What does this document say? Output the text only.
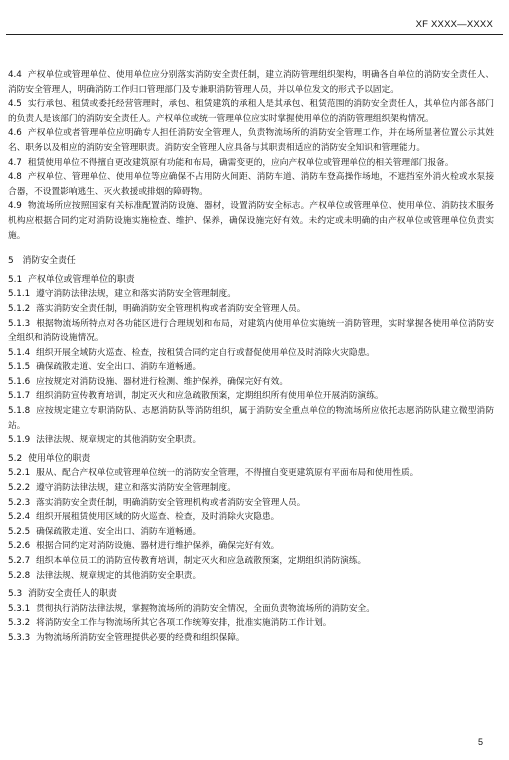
XF XXXX—XXXX

4.4 产权单位或管理单位、使用单位应分别落实消防安全责任制，建立消防管理组织架构，明确各自单位的消防安全责任人、消防安全管理人，明确消防工作归口管理部门及专兼职消防管理人员，并以单位发文的形式予以固定。

4.5 实行承包、租赁或委托经营管理时，承包、租赁建筑的承租人是其承包、租赁范围的消防安全责任人，其单位内部各部门的负责人是该部门的消防安全责任人。产权单位或统一管理单位应实时掌握使用单位的消防管理组织架构情况。

4.6 产权单位或者管理单位应明确专人担任消防安全管理人，负责物流场所的消防安全管理工作，并在场所显著位置公示其姓名、职务以及相应的消防安全管理职责。消防安全管理人应具备与其职责相适应的消防安全知识和管理能力。

4.7 租赁使用单位不得擅自更改建筑原有功能和布局，确需变更的，应向产权单位或管理单位的相关管理部门报备。

4.8 产权单位、管理单位、使用单位等应确保不占用防火间距、消防车道、消防车登高操作场地，不遮挡室外消火栓或水泵接合器，不设置影响逃生、灭火救援或排烟的障碍物。

4.9 物流场所应按照国家有关标准配置消防设施、器材，设置消防安全标志。产权单位或管理单位、使用单位、消防技术服务机构应根据合同约定对消防设施实施检查、维护、保养，确保设施完好有效。未约定或未明确的由产权单位或管理单位负责实施。

5 消防安全责任

5.1 产权单位或管理单位的职责

5.1.1 遵守消防法律法规，建立和落实消防安全管理制度。

5.1.2 落实消防安全责任制，明确消防安全管理机构或者消防安全管理人员。

5.1.3 根据物流场所特点对各功能区进行合理规划和布局，对建筑内使用单位实施统一消防管理，实时掌握各使用单位消防安全组织和消防设施情况。

5.1.4 组织开展全域防火巡查、检查，按租赁合同约定自行或督促使用单位及时消除火灾隐患。

5.1.5 确保疏散走道、安全出口、消防车道畅通。

5.1.6 应按规定对消防设施、器材进行检测、维护保养，确保完好有效。

5.1.7 组织消防宣传教育培训，制定灭火和应急疏散预案，定期组织所有使用单位开展消防演练。

5.1.8 应按规定建立专职消防队、志愿消防队等消防组织，属于消防安全重点单位的物流场所应依托志愿消防队建立微型消防站。

5.1.9 法律法规、规章规定的其他消防安全职责。

5.2 使用单位的职责

5.2.1 服从、配合产权单位或管理单位统一的消防安全管理，不得擅自变更建筑原有平面布局和使用性质。

5.2.2 遵守消防法律法规，建立和落实消防安全管理制度。

5.2.3 落实消防安全责任制，明确消防安全管理机构或者消防安全管理人员。

5.2.4 组织开展租赁使用区域的防火巡查、检查，及时消除火灾隐患。

5.2.5 确保疏散走道、安全出口、消防车道畅通。

5.2.6 根据合同约定对消防设施、器材进行维护保养，确保完好有效。

5.2.7 组织本单位员工的消防宣传教育培训，制定灭火和应急疏散预案，定期组织消防演练。

5.2.8 法律法规、规章规定的其他消防安全职责。

5.3 消防安全责任人的职责

5.3.1 贯彻执行消防法律法规，掌握物流场所的消防安全情况，全面负责物流场所的消防安全。

5.3.2 将消防安全工作与物流场所其它各项工作统筹安排，批准实施消防工作计划。

5.3.3 为物流场所消防安全管理提供必要的经费和组织保障。

5
